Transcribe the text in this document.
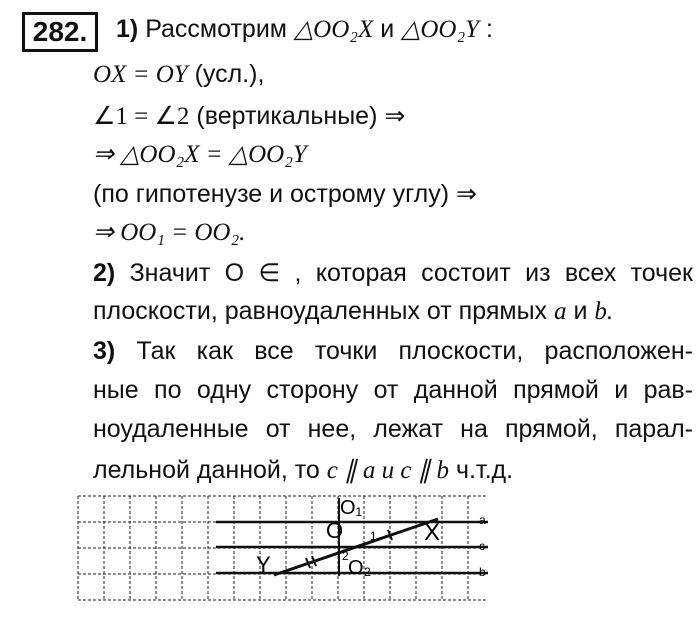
282.	1) Рассмотрим △OO₂X и △OO₂Y :
OX = OY (усл.),
∠1 = ∠2 (вертикальные) ⇒
⇒ △OO₂X = △OO₂Y
(по гипотенузе и острому углу) ⇒
⇒ OO₁ = OO₂.
2) Значит O ∈ , которая состоит из всех точек
плоскости, равноудаленных от прямых a и b.
3) Так как все точки плоскости, расположен-
ные по одну сторону от данной прямой и рав-
ноудаленные от нее, лежат на прямой, парал-
лельной данной, то c ∥ a и c ∥ b ч.т.д.
O₁
O
O₂
X
Y
1
2
a
c
b
